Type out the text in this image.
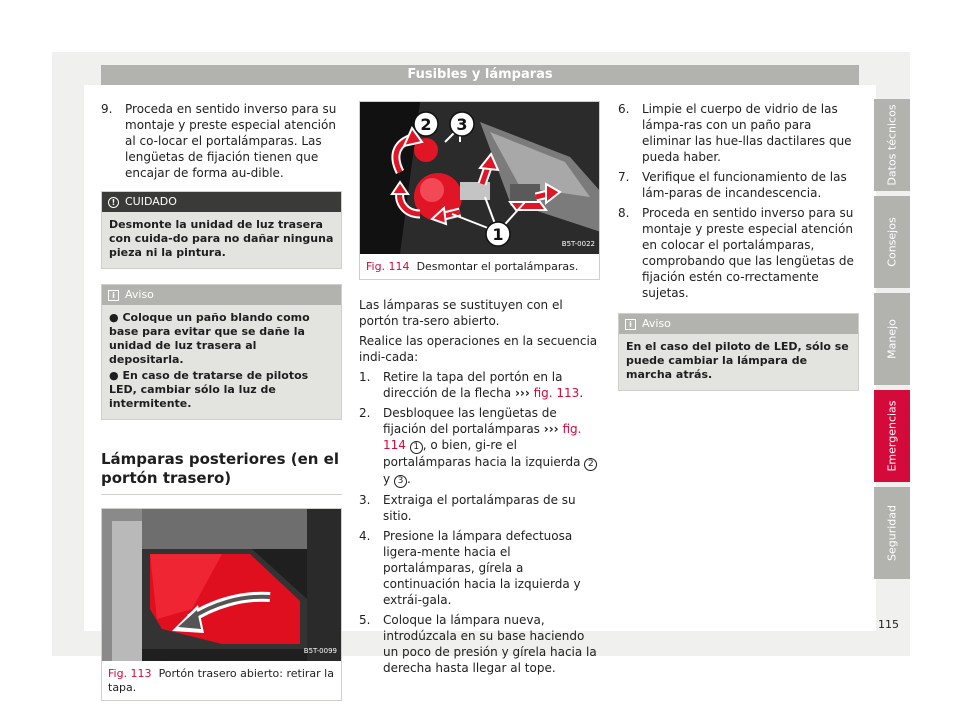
Fusibles y lámparas
9.	Proceda en sentido inverso para su montaje y preste especial atención al co-locar el portalámparas. Las lengüetas de fijación tienen que encajar de forma au-dible.
! CUIDADO
Desmonte la unidad de luz trasera con cuida-do para no dañar ninguna pieza ni la pintura.
i Aviso
● Coloque un paño blando como base para evitar que se dañe la unidad de luz trasera al depositarla.
● En caso de tratarse de pilotos LED, cambiar sólo la luz de intermitente.
Lámparas posteriores (en el portón trasero)
B5T-0099
Fig. 113 Portón trasero abierto: retirar la tapa.
2 3
1	B5T-0022
Fig. 114 Desmontar el portalámparas.

Las lámparas se sustituyen con el portón tra-sero abierto.

Realice las operaciones en la secuencia indi-cada:

1.	Retire la tapa del portón en la dirección de la flecha ››› fig. 113.
2.	Desbloquee las lengüetas de fijación del portalámparas ››› fig. 114 1 , o bien, gi-re el portalámparas hacia la izquierda 2 y 3 .
3.	Extraiga el portalámparas de su sitio.
4.	Presione la lámpara defectuosa ligera-mente hacia el portalámparas, gírela a continuación hacia la izquierda y extrái-gala.
5.	Coloque la lámpara nueva, introdúzcala en su base haciendo un poco de presión y gírela hacia la derecha hasta llegar al tope.
6.	Limpie el cuerpo de vidrio de las lámpa-ras con un paño para eliminar las hue-llas dactilares que pueda haber.
7.	Verifique el funcionamiento de las lám-paras de incandescencia.
8.	Proceda en sentido inverso para su montaje y preste especial atención en colocar el portalámparas, comprobando que las lengüetas de fijación estén co-rrectamente sujetas.
i Aviso
En el caso del piloto de LED, sólo se puede cambiar la lámpara de marcha atrás.
Datos técnicos
Consejos
Manejo
Emergencias
Seguridad
115
